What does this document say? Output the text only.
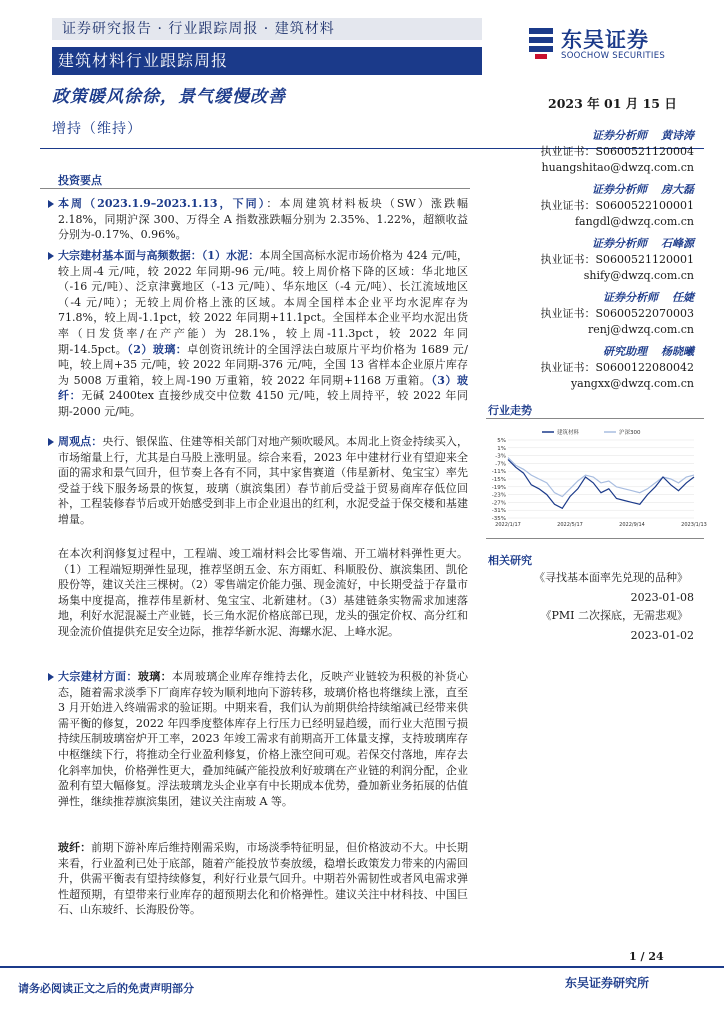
证券研究报告 · 行业跟踪周报 · 建筑材料
建筑材料行业跟踪周报
东吴证券
SOOCHOW SECURITIES
政策暖风徐徐，景气缓慢改善	2023 年 01 月 15 日
增持（维持）
投资要点
本周（2023.1.9–2023.1.13，下同）：本周建筑材料板块（SW）涨跌幅 2.18%，同期沪深 300、万得全 A 指数涨跌幅分别为 2.35%、1.22%，超额收益分别为-0.17%、0.96%。
大宗建材基本面与高频数据：（1）水泥：本周全国高标水泥市场价格为 424 元/吨，较上周-4 元/吨，较 2022 年同期-96 元/吨。较上周价格下降的区域：华北地区（-16 元/吨）、泛京津冀地区（-13 元/吨）、华东地区（-4 元/吨）、长江流域地区（-4 元/吨）；无较上周价格上涨的区域。本周全国样本企业平均水泥库存为 71.8%，较上周-1.1pct，较 2022 年同期+11.1pct。全国样本企业平均水泥出货率（日发货率/在产产能）为 28.1%，较上周-11.3pct，较 2022 年同期-14.5pct。（2）玻璃：卓创资讯统计的全国浮法白玻原片平均价格为 1689 元/吨，较上周+35 元/吨，较 2022 年同期-376 元/吨，全国 13 省样本企业原片库存为 5008 万重箱，较上周-190 万重箱，较 2022 年同期+1168 万重箱。（3）玻纤：无碱 2400tex 直接纱成交中位数 4150 元/吨，较上周持平，较 2022 年同期-2000 元/吨。
周观点：央行、银保监、住建等相关部门对地产频吹暖风。本周北上资金持续买入，市场缩量上行，尤其是白马股上涨明显。综合来看，2023 年中建材行业有望迎来全面的需求和景气回升，但节奏上各有不同，其中家售赛道（伟星新材、兔宝宝）率先受益于线下服务场景的恢复，玻璃（旗滨集团）春节前后受益于贸易商库存低位回补，工程装修春节后或开始感受到非上市企业退出的红利，水泥受益于保交楼和基建增量。
在本次利润修复过程中，工程端、竣工端材料会比零售端、开工端材料弹性更大。（1）工程端短期弹性显现，推荐坚朗五金、东方雨虹、科顺股份、旗滨集团、凯伦股份等，建议关注三棵树。（2）零售端定价能力强、现金流好，中长期受益于存量市场集中度提高，推荐伟星新材、兔宝宝、北新建材。（3）基建链条实物需求加速落地，利好水泥混凝土产业链，长三角水泥价格底部已现，龙头的强定价权、高分红和现金流价值提供充足安全边际，推荐华新水泥、海螺水泥、上峰水泥。
大宗建材方面：玻璃：本周玻璃企业库存维持去化，反映产业链较为积极的补货心态，随着需求淡季下厂商库存较为顺利地向下游转移，玻璃价格也将继续上涨，直至 3 月开始进入终端需求的验证期。中期来看，我们认为前期供给持续缩减已经带来供需平衡的修复，2022 年四季度整体库存上行压力已经明显趋缓，而行业大范围亏损持续压制玻璃窑炉开工率，2023 年竣工需求有前期高开工体量支撑，支持玻璃库存中枢继续下行，将推动全行业盈利修复，价格上涨空间可观。若保交付落地，库存去化斜率加快，价格弹性更大，叠加纯碱产能投放利好玻璃在产业链的利润分配，企业盈利有望大幅修复。浮法玻璃龙头企业享有中长期成本优势，叠加新业务拓展的估值弹性，继续推荐旗滨集团，建议关注南玻 A 等。
玻纤：前期下游补库后维持刚需采购，市场淡季特征明显，但价格波动不大。中长期来看，行业盈利已处于底部，随着产能投放节奏放缓，稳增长政策发力带来的内需回升，供需平衡表有望持续修复，利好行业景气回升。中期若外需韧性或者风电需求弹性超预期，有望带来行业库存的超预期去化和价格弹性。建议关注中材科技、中国巨石、山东玻纤、长海股份等。
证券分析师 黄诗涛
执业证书：S0600521120004
huangshitao@dwzq.com.cn
证券分析师 房大磊
执业证书：S0600522100001
fangdl@dwzq.com.cn
证券分析师 石峰源
执业证书：S0600521120001
shify@dwzq.com.cn
证券分析师 任婕
执业证书：S0600522070003
renj@dwzq.com.cn
研究助理 杨晓曦
执业证书：S0600122080042
yangxx@dwzq.com.cn
行业走势
5%
1%
-3%
-7%
-11%
-15%
-19%
-23%
-27%
-31%
-35%
2022/1/17	2022/5/17	2022/9/14	2023/1/13
建筑材料	沪深300
相关研究
《寻找基本面率先兑现的品种》
2023-01-08
《PMI 二次探底，无需悲观》
2023-01-02
1 / 24
请务必阅读正文之后的免责声明部分	东吴证券研究所
